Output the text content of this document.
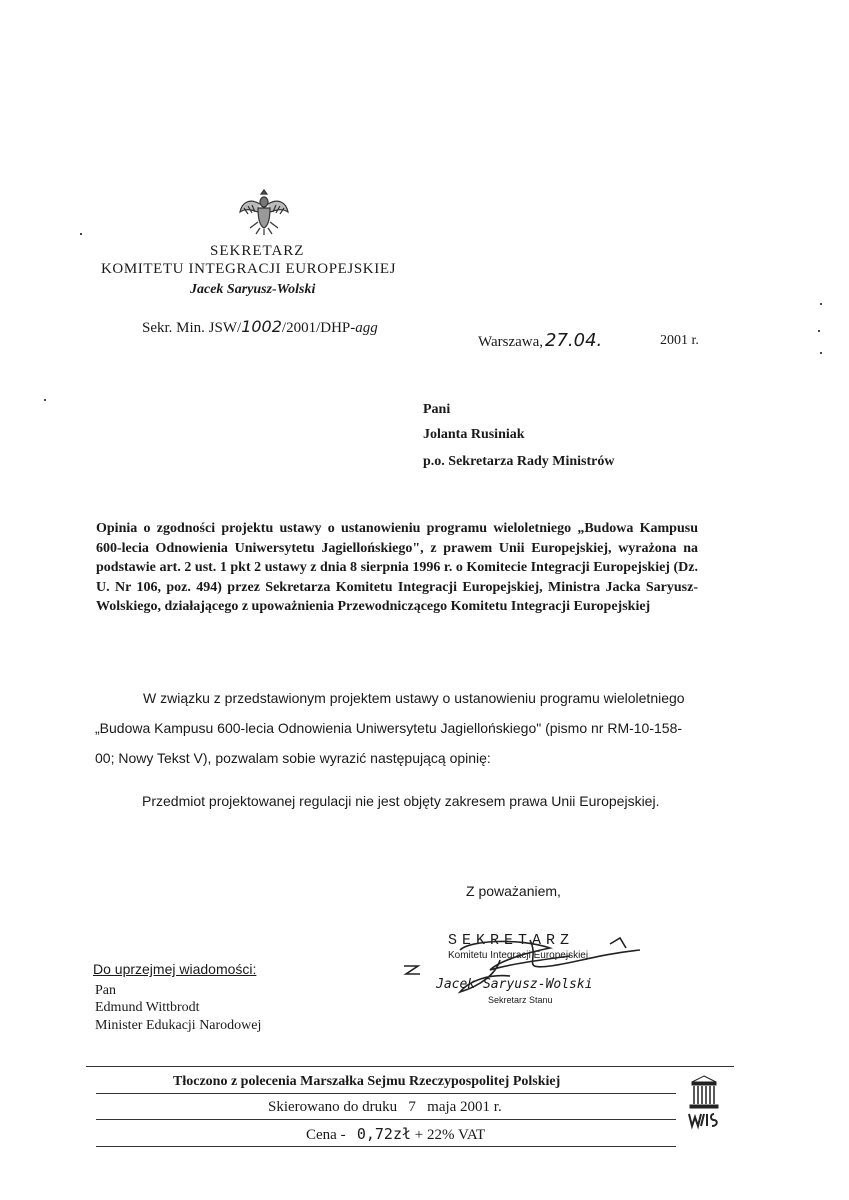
SEKRETARZ
KOMITETU INTEGRACJI EUROPEJSKIEJ
Jacek Saryusz-Wolski
Sekr. Min. JSW/1002/2001/DHP-agg
Warszawa, 27.04.	2001 r.
Pani
Jolanta Rusiniak
p.o. Sekretarza Rady Ministrów
Opinia o zgodności projektu ustawy o ustanowieniu programu wieloletniego „Budowa Kampusu 600-lecia Odnowienia Uniwersytetu Jagiellońskiego", z prawem Unii Europejskiej, wyrażona na podstawie art. 2 ust. 1 pkt 2 ustawy z dnia 8 sierpnia 1996 r. o Komitecie Integracji Europejskiej (Dz. U. Nr 106, poz. 494) przez Sekretarza Komitetu Integracji Europejskiej, Ministra Jacka Saryusz-Wolskiego, działającego z upoważnienia Przewodniczącego Komitetu Integracji Europejskiej
W związku z przedstawionym projektem ustawy o ustanowieniu programu wieloletniego „Budowa Kampusu 600-lecia Odnowienia Uniwersytetu Jagiellońskiego" (pismo nr RM-10-158-00; Nowy Tekst V), pozwalam sobie wyrazić następującą opinię:
Przedmiot projektowanej regulacji nie jest objęty zakresem prawa Unii Europejskiej.
Z poważaniem,
SEKRETARZ
Komitetu Integracji Europejskiej
Jacek Saryusz-Wolski
Sekretarz Stanu
Do uprzejmej wiadomości:
Pan
Edmund Wittbrodt
Minister Edukacji Narodowej
Tłoczono z polecenia Marszałka Sejmu Rzeczypospolitej Polskiej
Skierowano do druku 7 maja 2001 r.
Cena - 0,72zł + 22% VAT
